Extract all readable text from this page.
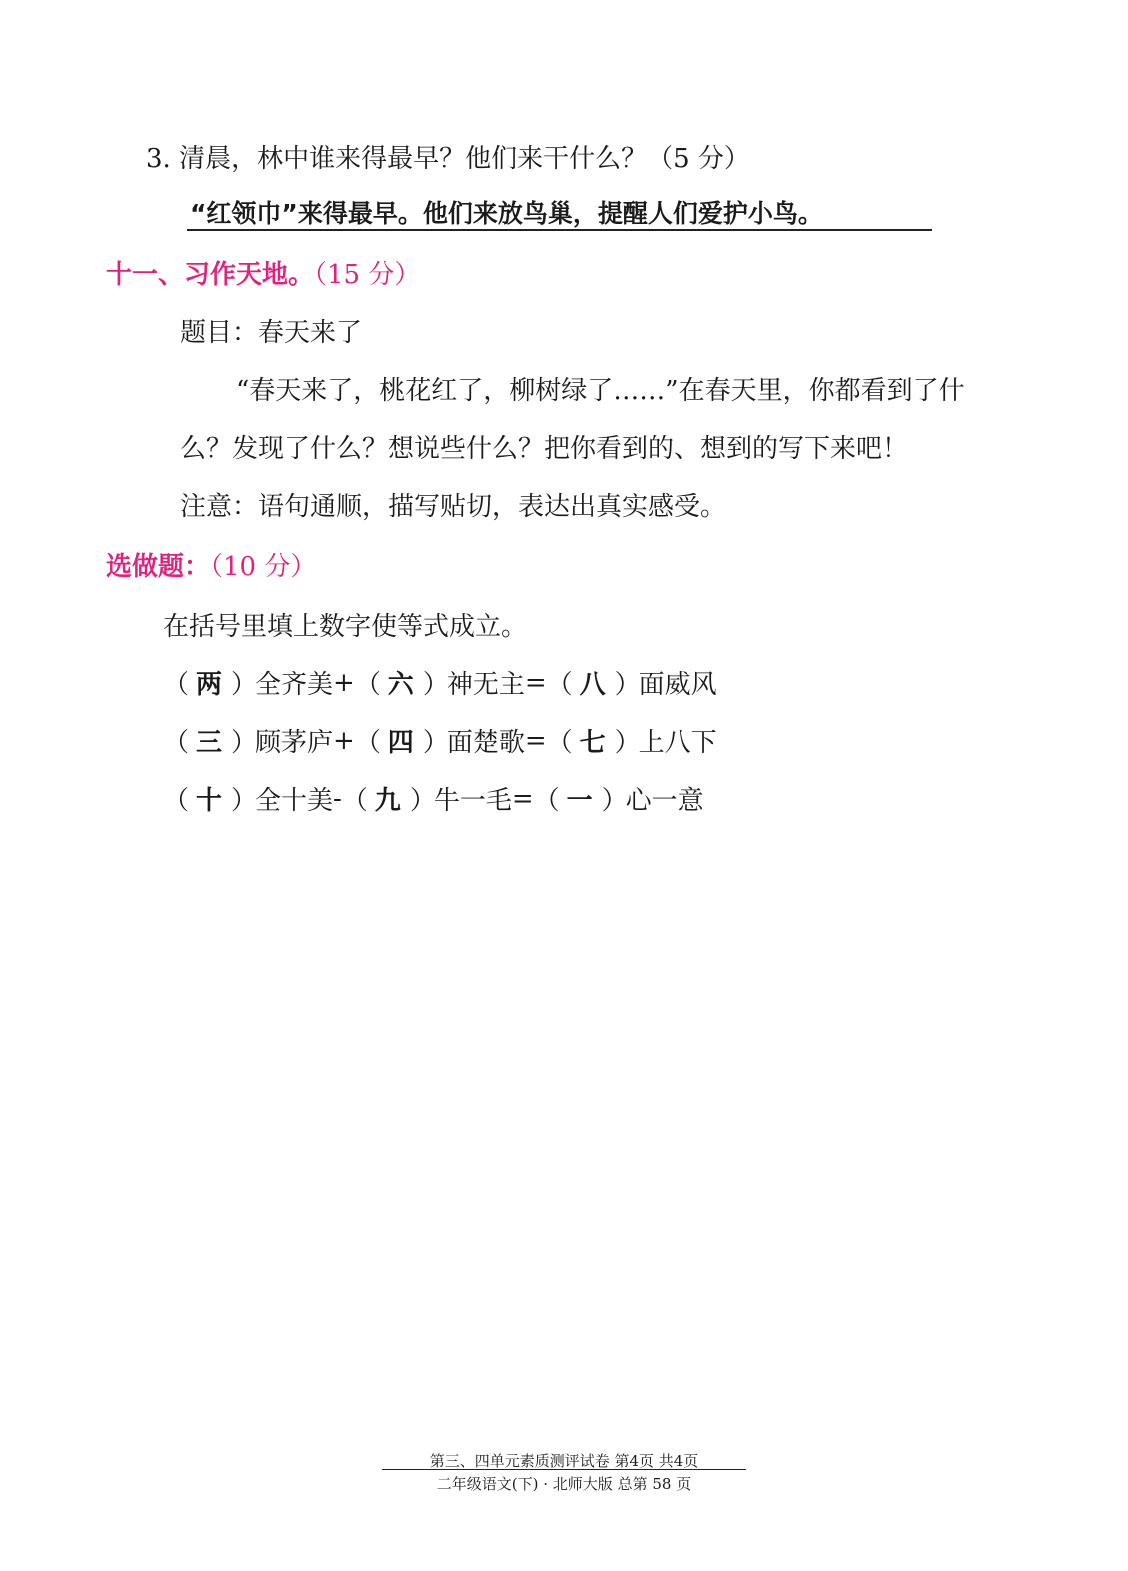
3. 清晨，林中谁来得最早？他们来干什么？（5 分）
“红领巾”来得最早。他们来放鸟巢，提醒人们爱护小鸟。
十一、习作天地。（15 分）
题目：春天来了
“春天来了，桃花红了，柳树绿了……”在春天里，你都看到了什
么？发现了什么？想说些什么？把你看到的、想到的写下来吧！
注意：语句通顺，描写贴切，表达出真实感受。
选做题：（10 分）
在括号里填上数字使等式成立。
（ 两 ）
全齐美 + （ 六 ）
神无主 = （ 八 ）
面威风
（ 三 ）
顾茅庐 + （ 四 ）
面楚歌 = （ 七 ）
上八下
（ 十 ）
全十美 - （ 九 ）
牛一毛 = （ 一 ）
心一意
第三、四单元素质测评试卷 第4页 共4页
二年级语文(下) · 北师大版 总第 58 页
